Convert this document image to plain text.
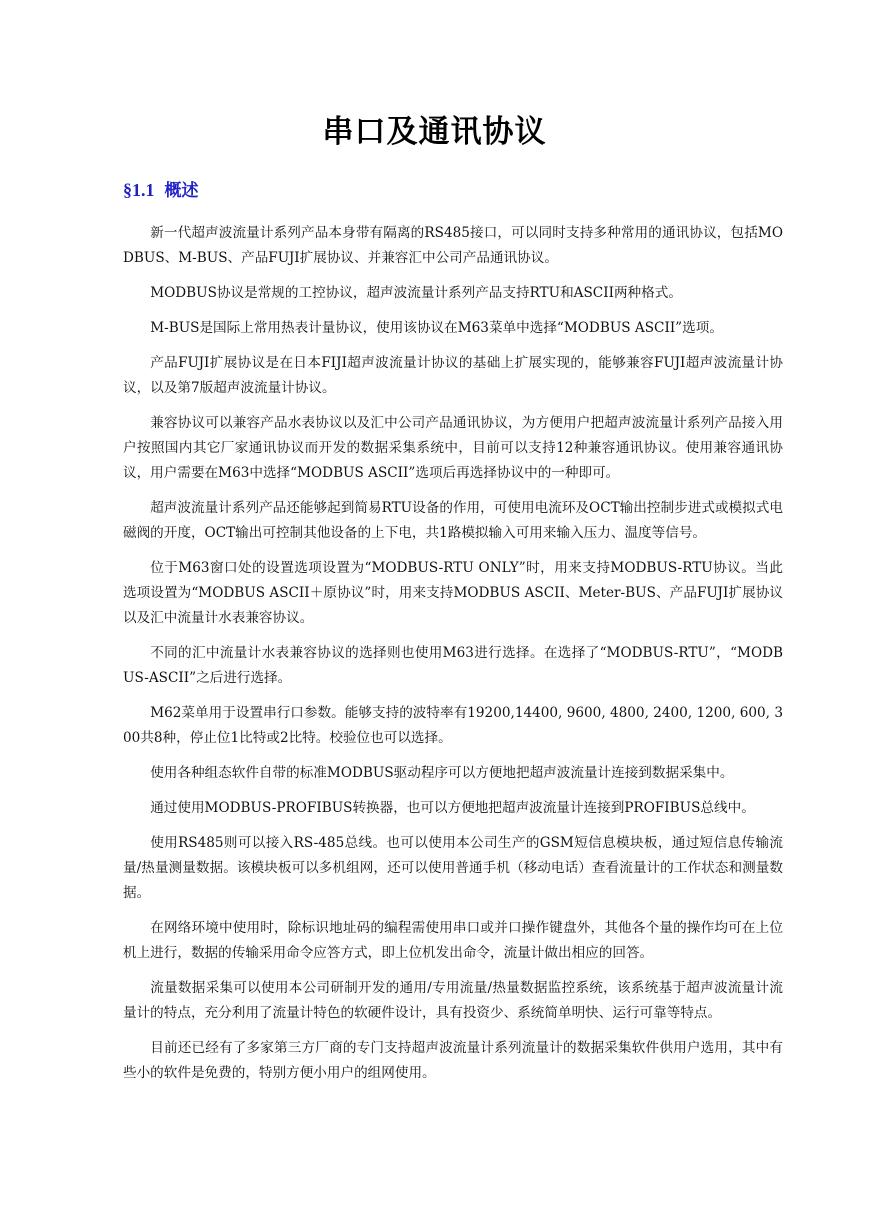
串口及通讯协议
§1.1 概述

新一代超声波流量计系列产品本身带有隔离的RS485接口，可以同时支持多种常用的通讯协议，包括MODBUS、M-BUS、产品FUJI扩展协议、并兼容汇中公司产品通讯协议。

MODBUS协议是常规的工控协议，超声波流量计系列产品支持RTU和ASCII两种格式。

M-BUS是国际上常用热表计量协议，使用该协议在M63菜单中选择“MODBUS ASCII”选项。

产品FUJI扩展协议是在日本FIJI超声波流量计协议的基础上扩展实现的，能够兼容FUJI超声波流量计协议，以及第7版超声波流量计协议。

兼容协议可以兼容产品水表协议以及汇中公司产品通讯协议，为方便用户把超声波流量计系列产品接入用户按照国内其它厂家通讯协议而开发的数据采集系统中，目前可以支持12种兼容通讯协议。使用兼容通讯协议，用户需要在M63中选择“MODBUS ASCII”选项后再选择协议中的一种即可。

超声波流量计系列产品还能够起到简易RTU设备的作用，可使用电流环及OCT输出控制步进式或模拟式电磁阀的开度，OCT输出可控制其他设备的上下电，共1路模拟输入可用来输入压力、温度等信号。

位于M63窗口处的设置选项设置为“MODBUS-RTU ONLY”时，用来支持MODBUS-RTU协议。当此选项设置为“MODBUS ASCII＋原协议”时，用来支持MODBUS ASCII、Meter-BUS、产品FUJI扩展协议以及汇中流量计水表兼容协议。

不同的汇中流量计水表兼容协议的选择则也使用M63进行选择。在选择了“MODBUS-RTU”，“MODBUS-ASCII”之后进行选择。

M62菜单用于设置串行口参数。能够支持的波特率有19200,14400, 9600, 4800, 2400, 1200, 600, 300共8种，停止位1比特或2比特。校验位也可以选择。

使用各种组态软件自带的标准MODBUS驱动程序可以方便地把超声波流量计连接到数据采集中。

通过使用MODBUS-PROFIBUS转换器，也可以方便地把超声波流量计连接到PROFIBUS总线中。

使用RS485则可以接入RS-485总线。也可以使用本公司生产的GSM短信息模块板，通过短信息传输流量/热量测量数据。该模块板可以多机组网，还可以使用普通手机（移动电话）查看流量计的工作状态和测量数据。

在网络环境中使用时，除标识地址码的编程需使用串口或并口操作键盘外，其他各个量的操作均可在上位机上进行，数据的传输采用命令应答方式，即上位机发出命令，流量计做出相应的回答。

流量数据采集可以使用本公司研制开发的通用/专用流量/热量数据监控系统，该系统基于超声波流量计流量计的特点，充分利用了流量计特色的软硬件设计，具有投资少、系统简单明快、运行可靠等特点。

目前还已经有了多家第三方厂商的专门支持超声波流量计系列流量计的数据采集软件供用户选用，其中有些小的软件是免费的，特别方便小用户的组网使用。
